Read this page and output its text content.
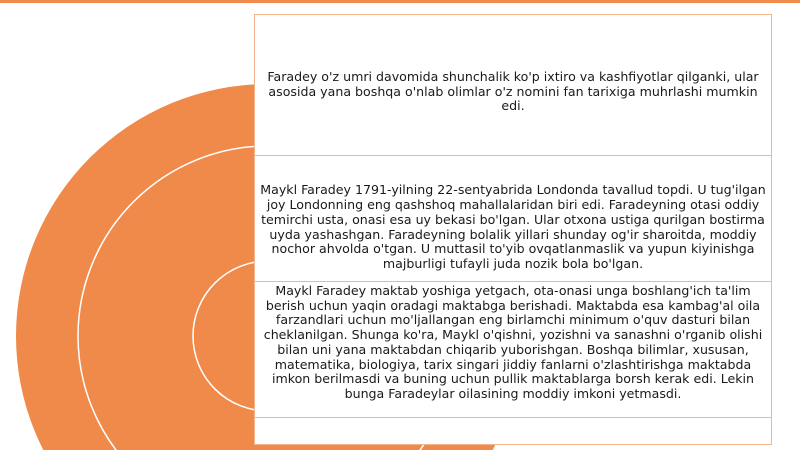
Faradey o'z umri davomida shunchalik ko'p ixtiro va kashfiyotlar qilganki, ular asosida yana boshqa o'nlab olimlar o'z nomini fan tarixiga muhrlashi mumkin edi.

Maykl Faradey 1791-yilning 22-sentyabrida Londonda tavallud topdi. U tug'ilgan joy Londonning eng qashshoq mahallalaridan biri edi. Faradeyning otasi oddiy temirchi usta, onasi esa uy bekasi bo'lgan. Ular otxona ustiga qurilgan bostirma uyda yashashgan. Faradeyning bolalik yillari shunday og'ir sharoitda, moddiy nochor ahvolda o'tgan. U muttasil to'yib ovqatlanmaslik va yupun kiyinishga majburligi tufayli juda nozik bola bo'lgan.

Maykl Faradey maktab yoshiga yetgach, ota-onasi unga boshlang'ich ta'lim berish uchun yaqin oradagi maktabga berishadi. Maktabda esa kambag'al oila farzandlari uchun mo'ljallangan eng birlamchi minimum o'quv dasturi bilan cheklanilgan. Shunga ko'ra, Maykl o'qishni, yozishni va sanashni o'rganib olishi bilan uni yana maktabdan chiqarib yuborishgan. Boshqa bilimlar, xususan, matematika, biologiya, tarix singari jiddiy fanlarni o'zlashtirishga maktabda imkon berilmasdi va buning uchun pullik maktablarga borsh kerak edi. Lekin bunga Faradeylar oilasining moddiy imkoni yetmasdi.
